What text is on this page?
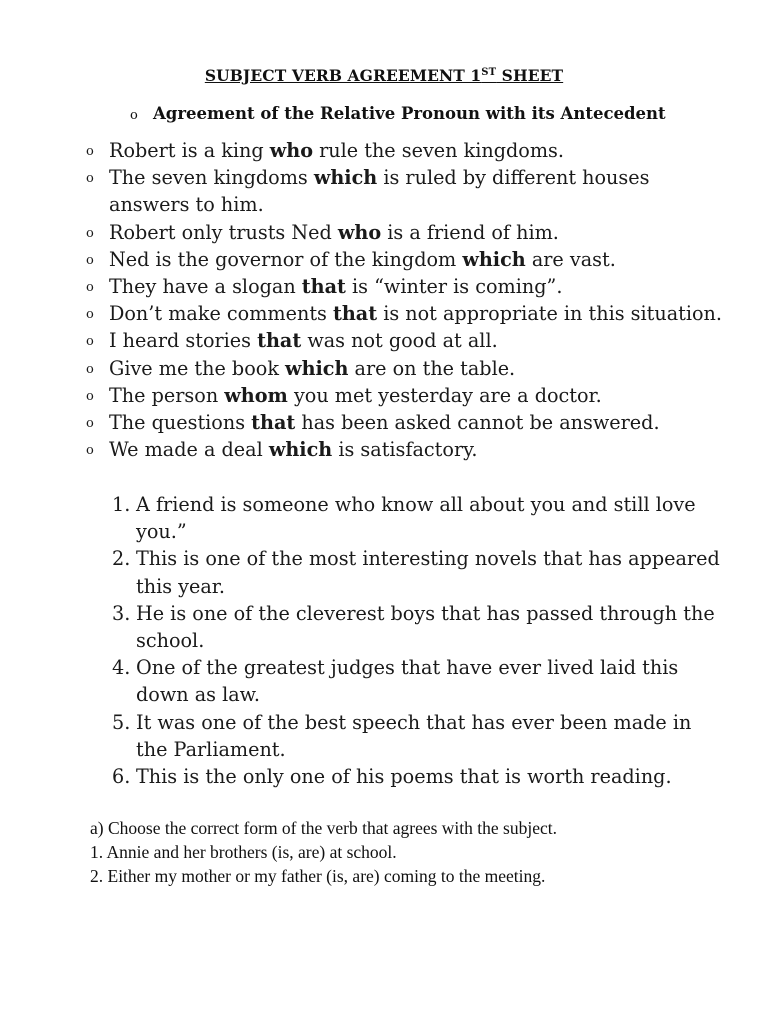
SUBJECT VERB AGREEMENT 1ST SHEET
o Agreement of the Relative Pronoun with its Antecedent
o Robert is a king who rule the seven kingdoms.
o The seven kingdoms which is ruled by different houses answers to him.
o Robert only trusts Ned who is a friend of him.
o Ned is the governor of the kingdom which are vast.
o They have a slogan that is “winter is coming”.
o Don’t make comments that is not appropriate in this situation.
o I heard stories that was not good at all.
o Give me the book which are on the table.
o The person whom you met yesterday are a doctor.
o The questions that has been asked cannot be answered.
o We made a deal which is satisfactory.
1. A friend is someone who know all about you and still love you.”
2. This is one of the most interesting novels that has appeared this year.
3. He is one of the cleverest boys that has passed through the school.
4. One of the greatest judges that have ever lived laid this down as law.
5. It was one of the best speech that has ever been made in the Parliament.
6. This is the only one of his poems that is worth reading.
a) Choose the correct form of the verb that agrees with the subject.
1. Annie and her brothers (is, are) at school.
2. Either my mother or my father (is, are) coming to the meeting.
